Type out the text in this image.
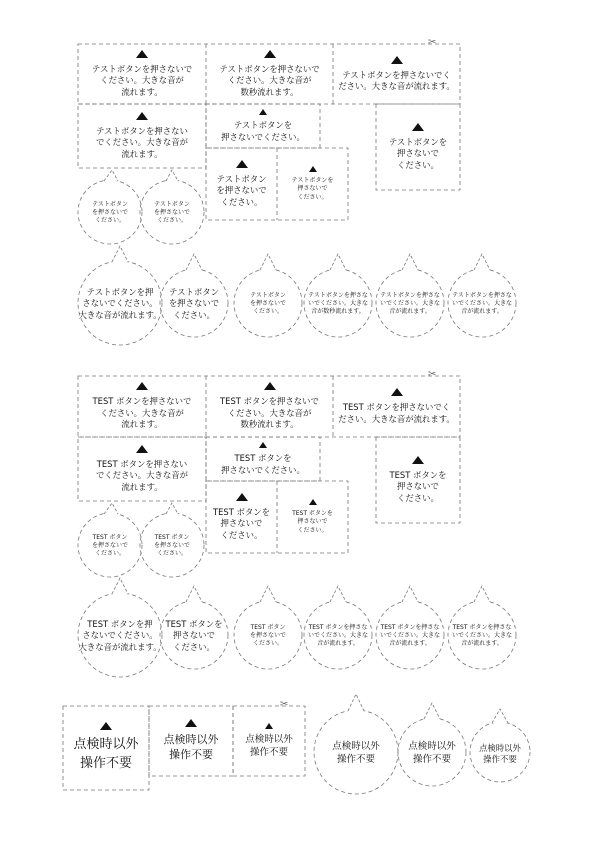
✂
✂
✂
テストボタンを押さないで
ください。大きな音が
流れます。
テストボタンを押さないで
ください。大きな音が
数秒流れます。
テストボタンを押さないでく
ださい。大きな音が流れます。
テストボタンを押さない
でください。大きな音が
流れます。
テストボタンを
押さないでください。
テストボタンを
押さないで
ください。
テストボタン
を押さないで
ください。
テストボタンを
押さないで
ください。
テストボタン
を押さないで
ください。
テストボタン
を押さないで
ください。
テストボタンを押
さないでください。
大きな音が流れます。
テストボタン
を押さないで
ください。
テストボタン
を押さないで
ください。
テストボタンを押さな
いでください。大きな
音が数秒流れます。
テストボタンを押さな
いでください。大きな
音が流れます。
テストボタンを押さな
いでください。大きな
音が流れます。
TEST ボタンを押さないで
ください。大きな音が
流れます。
TEST ボタンを押さないで
ください。大きな音が
数秒流れます。
TEST ボタンを押さないでく
ださい。大きな音が流れます。
TEST ボタンを押さない
でください。大きな音が
流れます。
TEST ボタンを
押さないでください。
TEST ボタンを
押さないで
ください。
TEST ボタンを
押さないで
ください。
TEST ボタンを
押さないで
ください。
TEST ボタン
を押さないで
ください。
TEST ボタン
を押さないで
ください。
TEST ボタンを押
さないでください。
大きな音が流れます。
TEST ボタンを
押さないで
ください。
TEST ボタン
を押さないで
ください。
TEST ボタンを押さな
いでください。大きな
音が流れます。
TEST ボタンを押さな
いでください。大きな
音が流れます。
TEST ボタンを押さな
いでください。大きな
音が流れます。
点検時以外
操作不要
点検時以外
操作不要
点検時以外
操作不要	点検時以外
操作不要
点検時以外
操作不要
点検時以外
操作不要
